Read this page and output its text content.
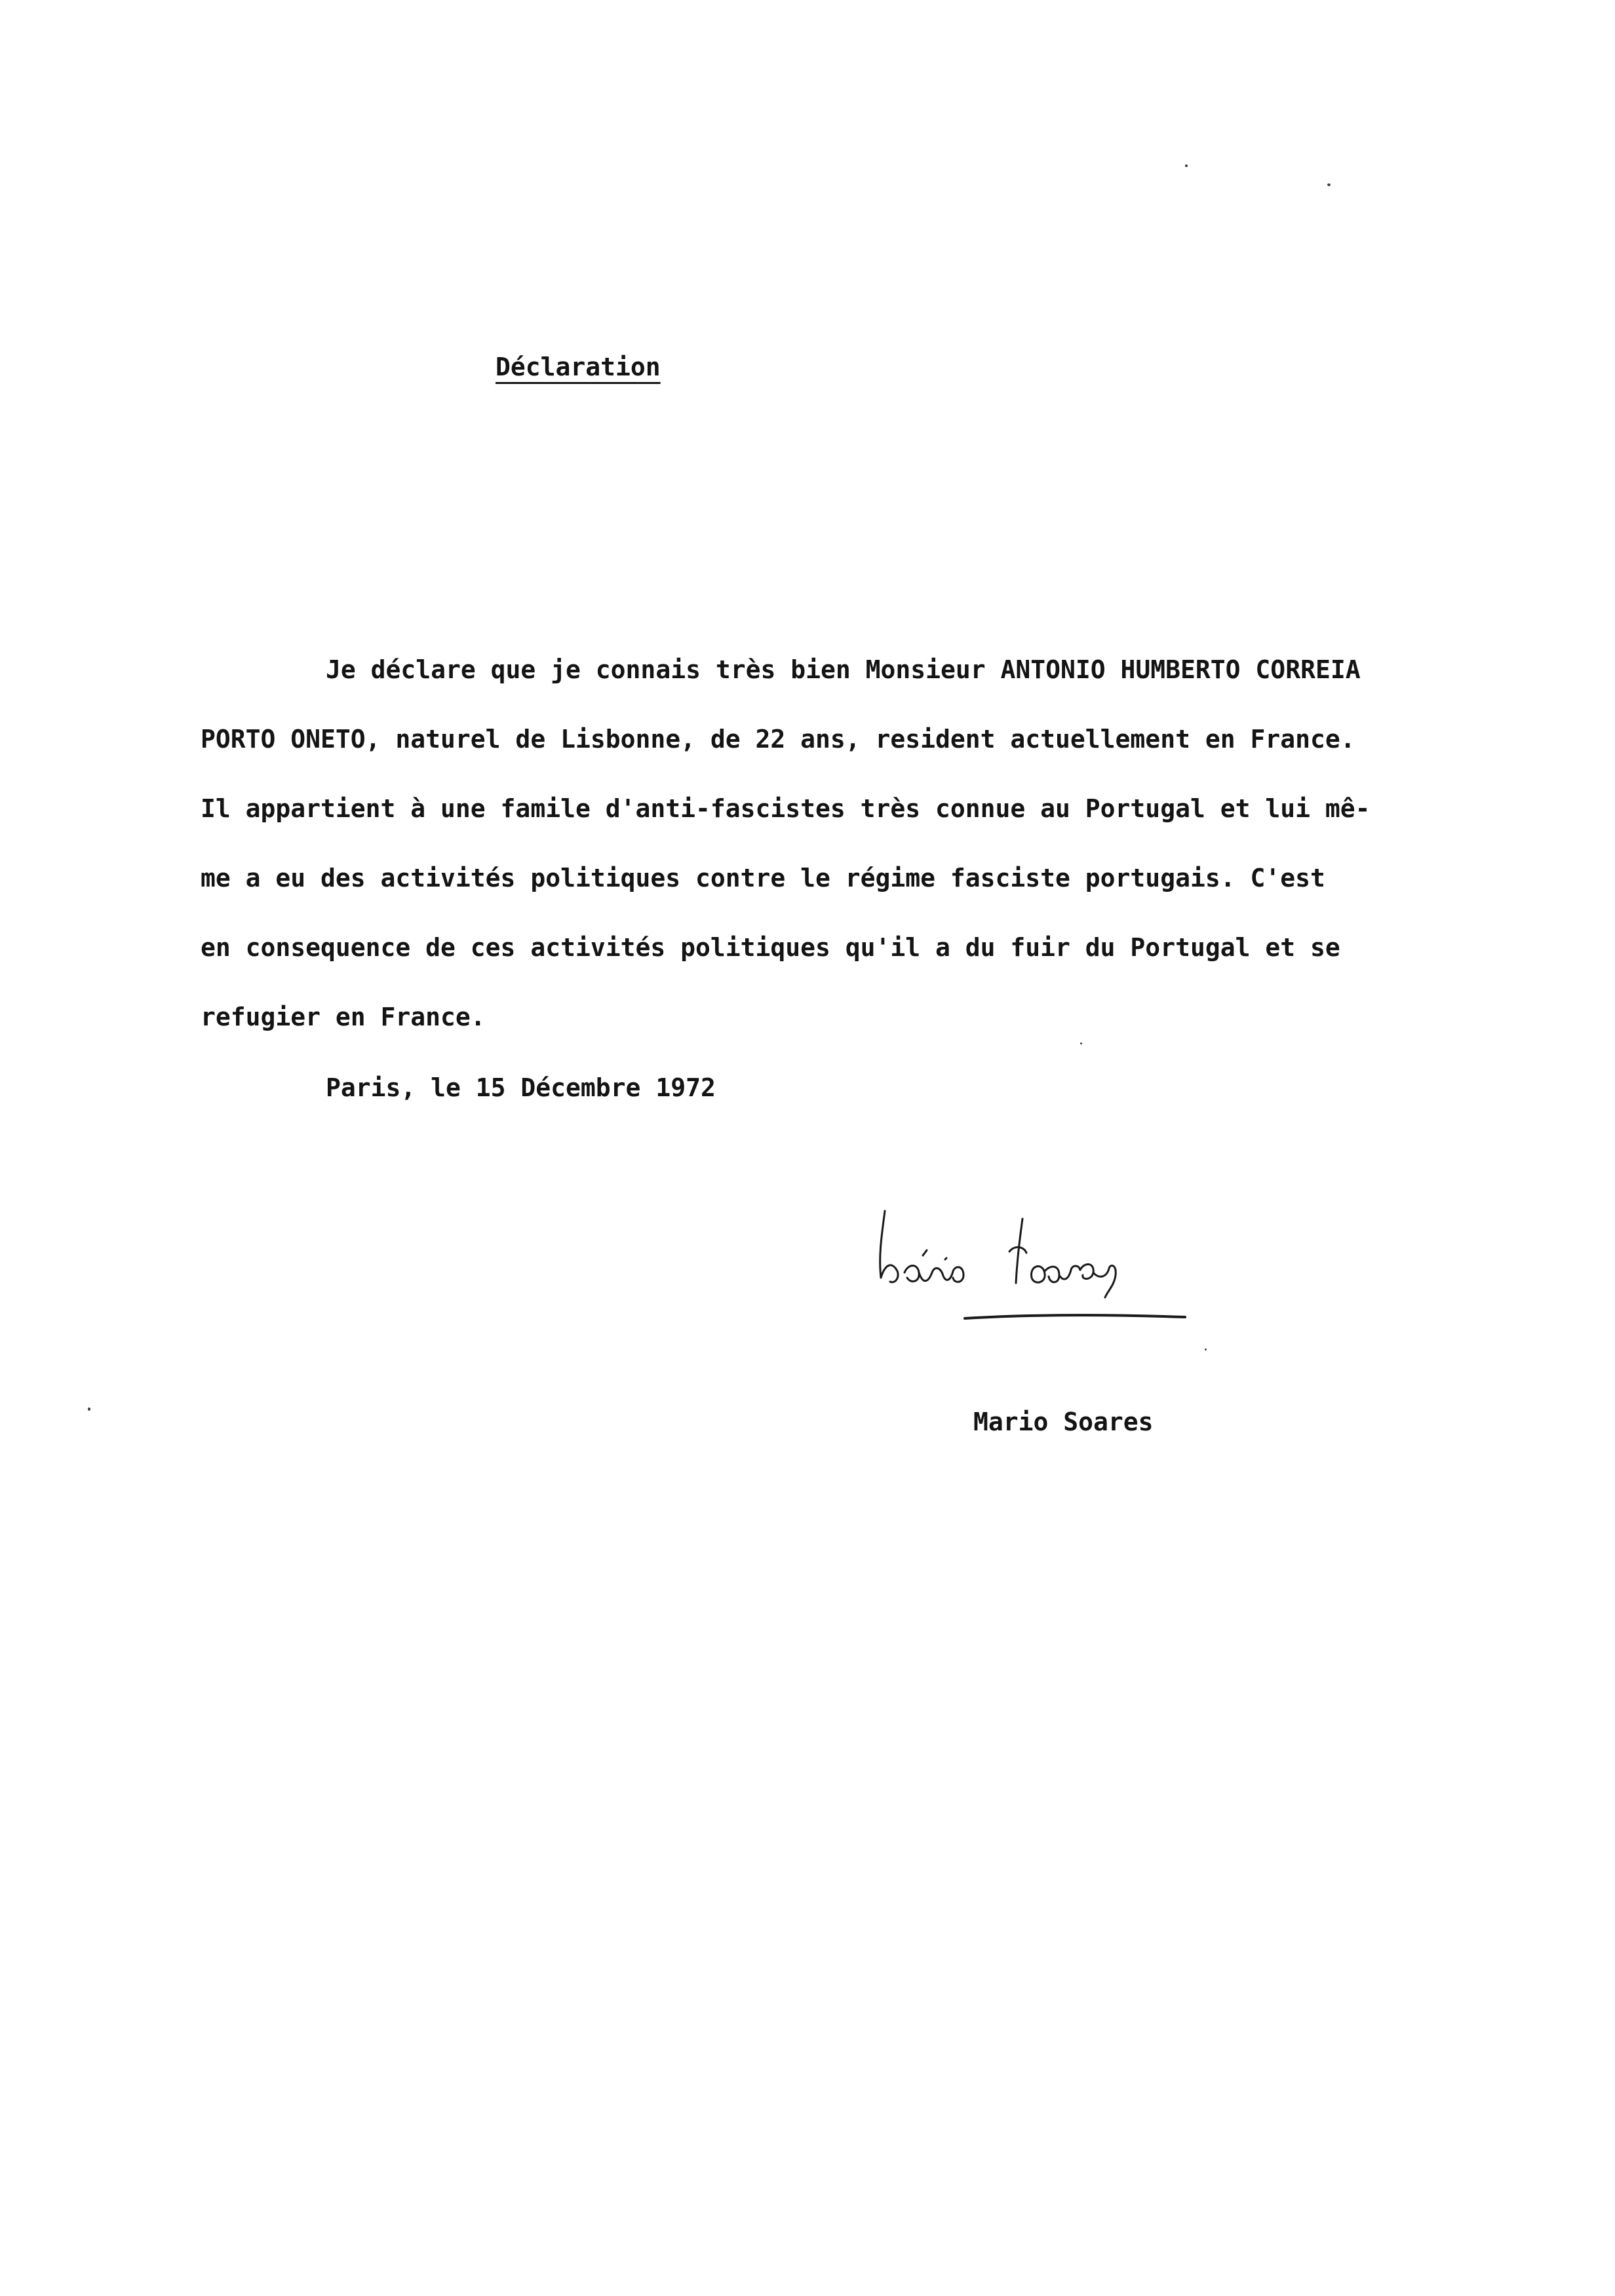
Déclaration
Je déclare que je connais très bien Monsieur ANTONIO HUMBERTO CORREIA
PORTO ONETO, naturel de Lisbonne, de 22 ans, resident actuellement en France.
Il appartient à une famile d'anti-fascistes très connue au Portugal et lui mê-
me a eu des activités politiques contre le régime fasciste portugais. C'est
en consequence de ces activités politiques qu'il a du fuir du Portugal et se
refugier en France.
Paris, le 15 Décembre 1972
Mario Soares
